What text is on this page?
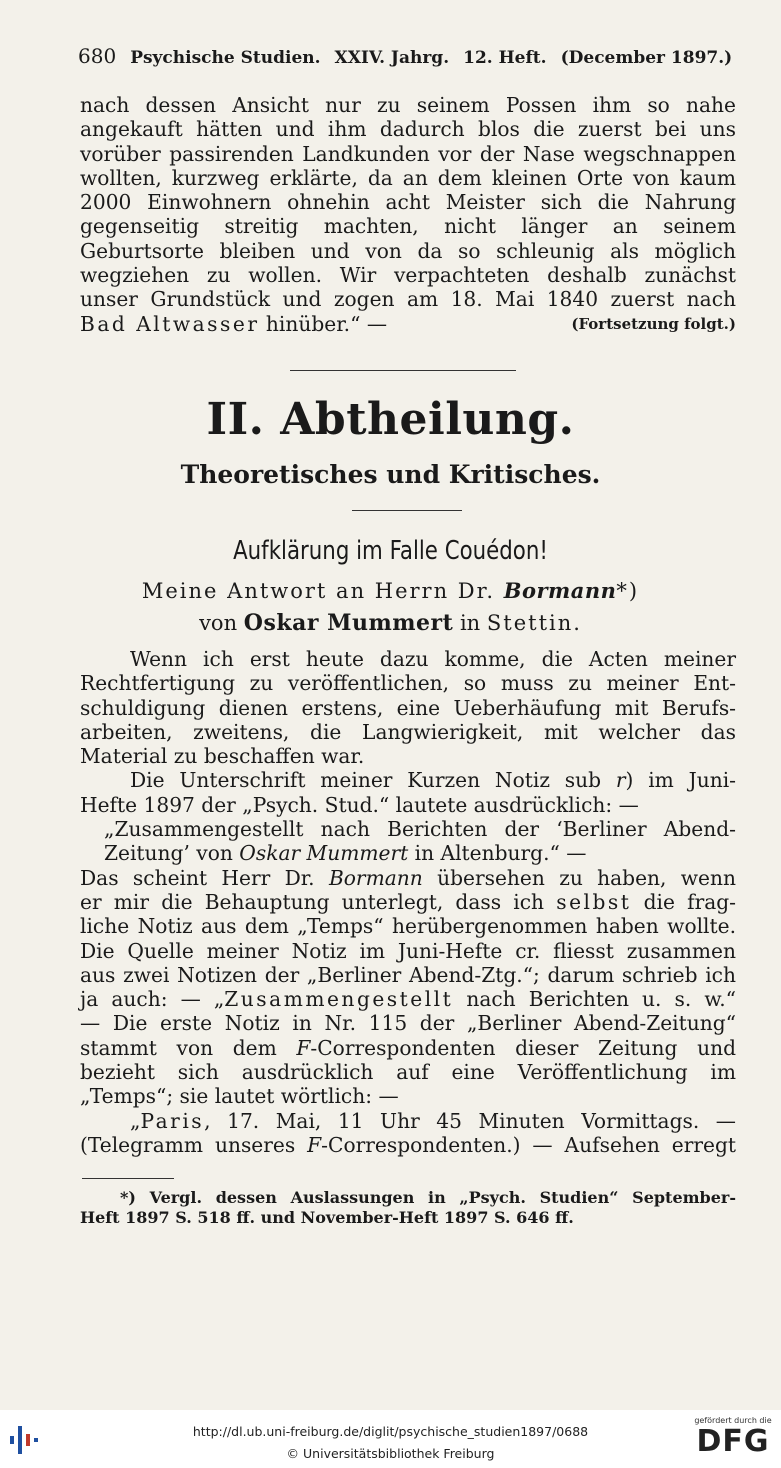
680 Psychische Studien. XXIV. Jahrg. 12. Heft. (December 1897.)
nach dessen Ansicht nur zu seinem Possen ihm so nahe
angekauft hätten und ihm dadurch blos die zuerst bei uns
vorüber passirenden Landkunden vor der Nase wegschnappen
wollten, kurzweg erklärte, da an dem kleinen Orte von kaum
2000 Einwohnern ohnehin acht Meister sich die Nahrung
gegenseitig streitig machten, nicht länger an seinem
Geburtsorte bleiben und von da so schleunig als möglich
wegziehen zu wollen. Wir verpachteten deshalb zunächst
unser Grundstück und zogen am 18. Mai 1840 zuerst nach
Bad Altwasser hinüber.“ —	(Fortsetzung folgt.)
II. Abtheilung.
Theoretisches und Kritisches.
Aufklärung im Falle Couédon!
Meine Antwort an Herrn Dr. Bormann*)
von Oskar Mummert in Stettin.
Wenn ich erst heute dazu komme, die Acten meiner
Rechtfertigung zu veröffentlichen, so muss zu meiner Ent-
schuldigung dienen erstens, eine Ueberhäufung mit Berufs-
arbeiten, zweitens, die Langwierigkeit, mit welcher das
Material zu beschaffen war.
Die Unterschrift meiner Kurzen Notiz sub r) im Juni-
Hefte 1897 der „Psych. Stud.“ lautete ausdrücklich: —
„Zusammengestellt nach Berichten der ‘Berliner Abend-
Zeitung’ von Oskar Mummert in Altenburg.“ —
Das scheint Herr Dr. Bormann übersehen zu haben, wenn
er mir die Behauptung unterlegt, dass ich selbst die frag-
liche Notiz aus dem „Temps“ herübergenommen haben wollte.
Die Quelle meiner Notiz im Juni-Hefte cr. fliesst zusammen
aus zwei Notizen der „Berliner Abend-Ztg.“; darum schrieb ich
ja auch: — „Zusammengestellt nach Berichten u. s. w.“
— Die erste Notiz in Nr. 115 der „Berliner Abend-Zeitung“
stammt von dem F-Correspondenten dieser Zeitung und
bezieht sich ausdrücklich auf eine Veröffentlichung im
„Temps“; sie lautet wörtlich: —
„Paris, 17. Mai, 11 Uhr 45 Minuten Vormittags. —
(Telegramm unseres F-Correspondenten.) — Aufsehen erregt
*) Vergl. dessen Auslassungen in „Psych. Studien“ September-
Heft 1897 S. 518 ff. und November-Heft 1897 S. 646 ff.
http://dl.ub.uni-freiburg.de/diglit/psychische_studien1897/0688
© Universitätsbibliothek Freiburg
gefördert durch die
DFG
